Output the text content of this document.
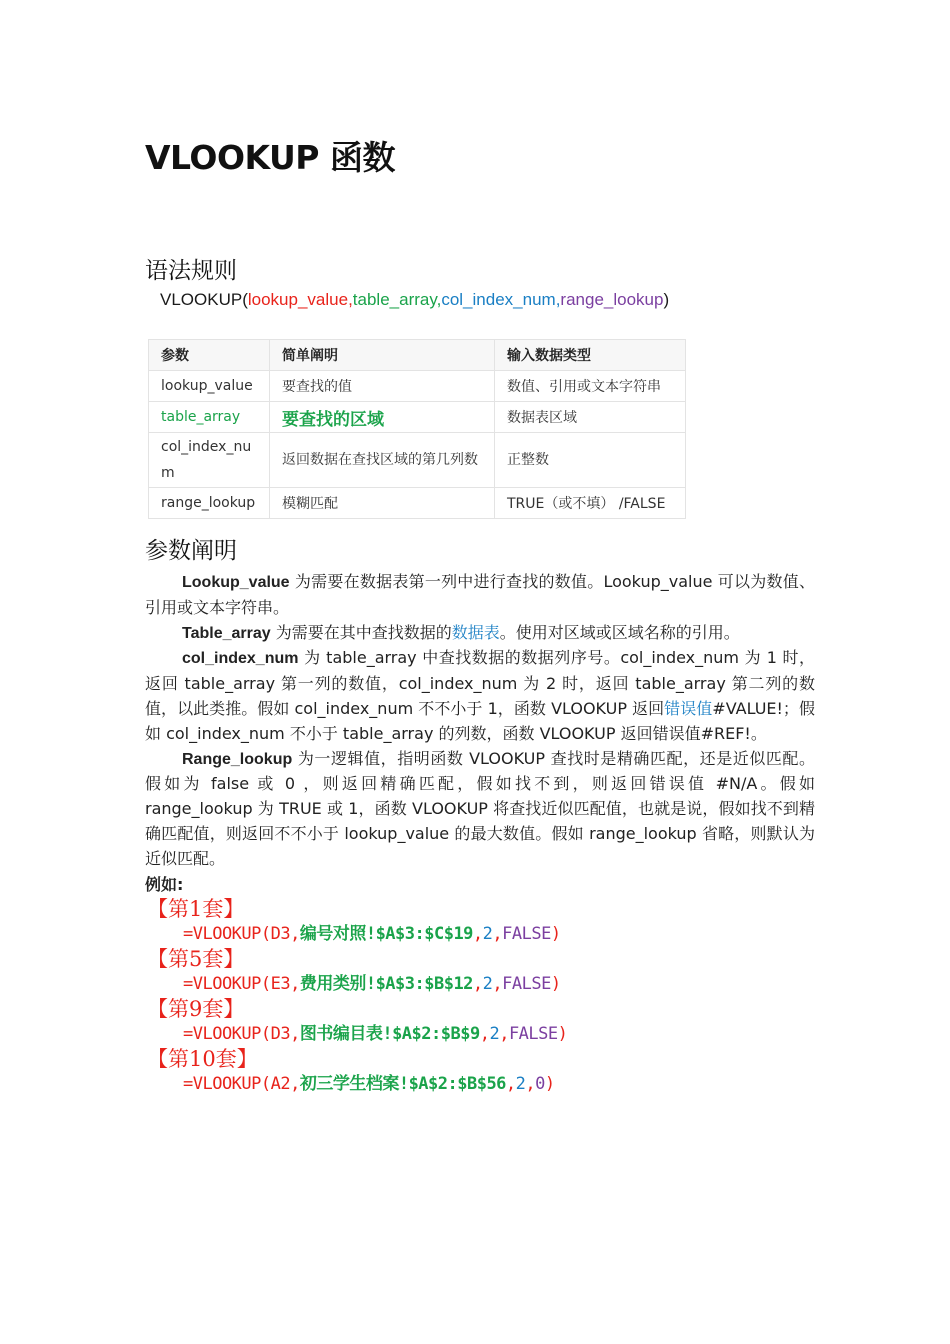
VLOOKUP 函数
语法规则
VLOOKUP(lookup_value,table_array,col_index_num,range_lookup)
参数	简单阐明	输入数据类型
lookup_value	要查找的值	数值、引用或文本字符串
table_array	要查找的区域	数据表区域
col_index_nu m	返回数据在查找区域的第几列数	正整数
range_lookup	模糊匹配	TRUE（或不填） /FALSE
参数阐明

Lookup_value 为需要在数据表第一列中进行查找的数值。Lookup_value 可以为数值、引用或文本字符串。

Table_array 为需要在其中查找数据的数据表。使用对区域或区域名称的引用。

col_index_num 为 table_array 中查找数据的数据列序号。col_index_num 为 1 时，返回 table_array 第一列的数值，col_index_num 为 2 时，返回 table_array 第二列的数值，以此类推。假如 col_index_num 不不小于 1，函数 VLOOKUP 返回错误值#VALUE!；假如 col_index_num 不小于 table_array 的列数，函数 VLOOKUP 返回错误值#REF!。

Range_lookup 为一逻辑值，指明函数 VLOOKUP 查找时是精确匹配，还是近似匹配。假如为 false 或 0 ，则返回精确匹配，假如找不到，则返回错误值 #N/A。假如 range_lookup 为 TRUE 或 1，函数 VLOOKUP 将查找近似匹配值，也就是说，假如找不到精确匹配值，则返回不不小于 lookup_value 的最大数值。假如 range_lookup 省略，则默认为近似匹配。

例如:
【第1套】
=VLOOKUP(D3,编号对照!$A$3:$C$19,2,FALSE)
【第5套】
=VLOOKUP(E3,费用类别!$A$3:$B$12,2,FALSE)
【第9套】
=VLOOKUP(D3,图书编目表!$A$2:$B$9,2,FALSE)
【第10套】
=VLOOKUP(A2,初三学生档案!$A$2:$B$56,2,0)
